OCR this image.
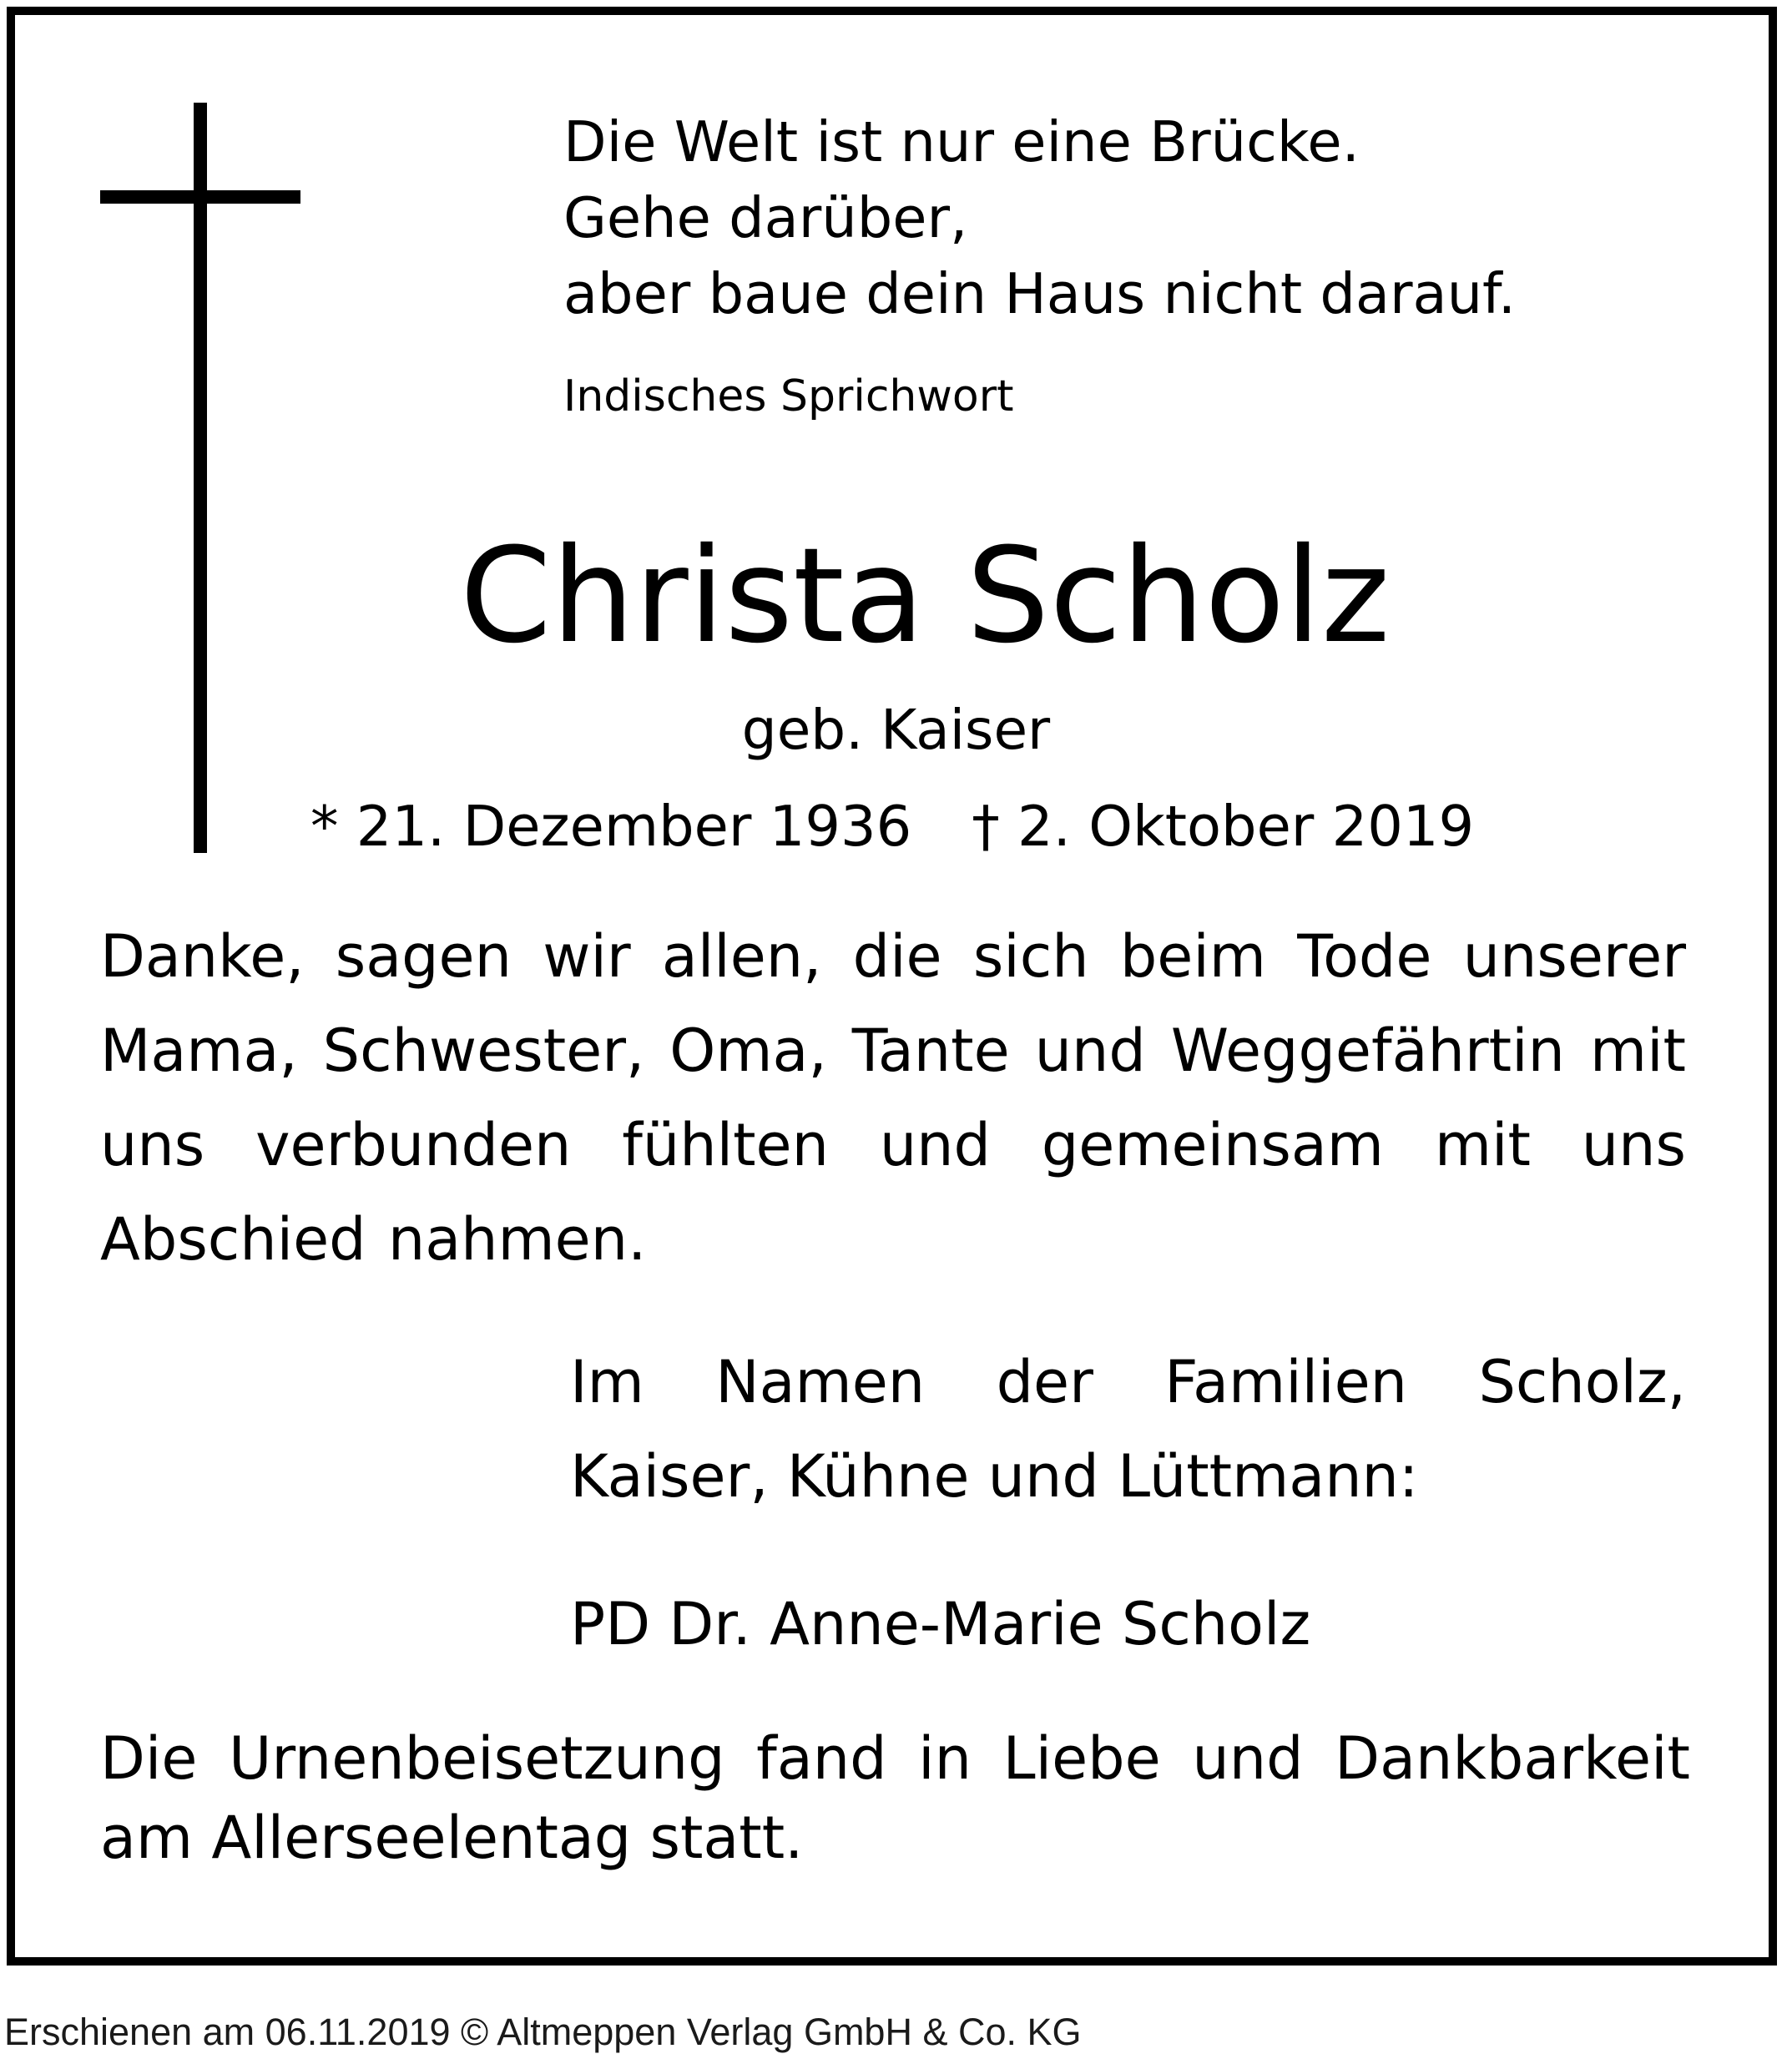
Die Welt ist nur eine Brücke.
Gehe darüber,
aber baue dein Haus nicht darauf.

Indisches Sprichwort
Christa Scholz
geb. Kaiser
* 21. Dezember 1936 † 2. Oktober 2019

Danke, sagen wir allen, die sich beim Tode unserer Mama, Schwester, Oma, Tante und Weggefährtin mit uns verbunden fühlten und gemeinsam mit uns Abschied nahmen.

Im Namen der Familien Scholz, Kaiser, Kühne und Lüttmann:

PD Dr. Anne-Marie Scholz

Die Urnenbeisetzung fand in Liebe und Dankbarkeit am Allerseelentag statt.

Erschienen am 06.11.2019 © Altmeppen Verlag GmbH & Co. KG
